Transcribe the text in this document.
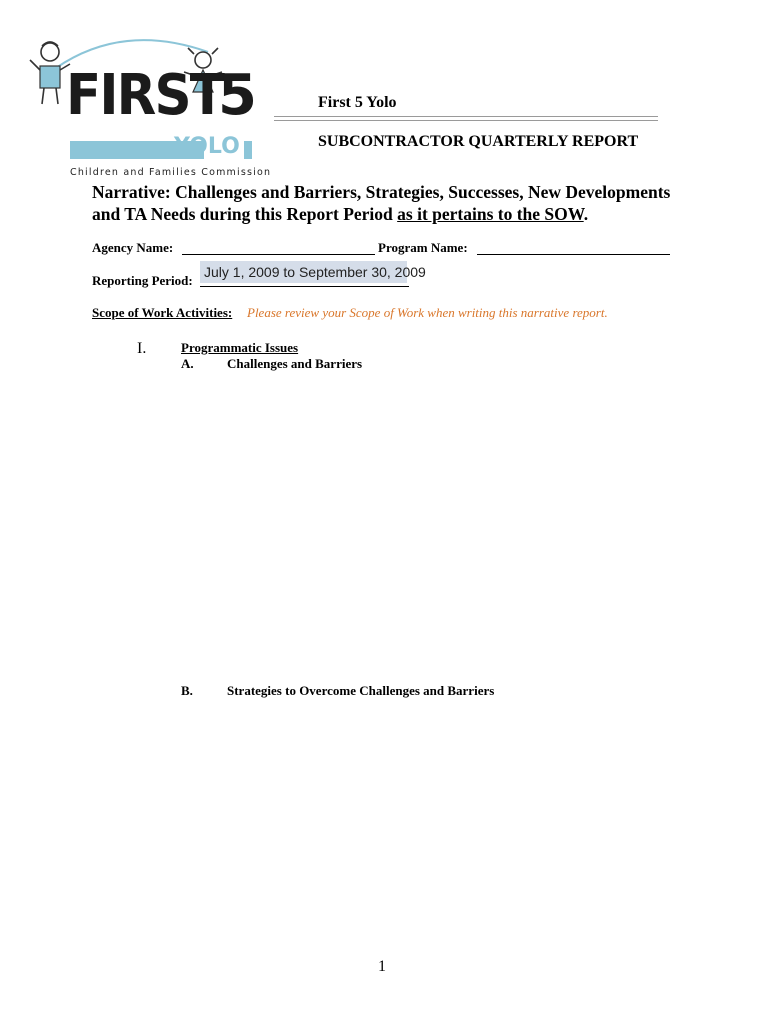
FIRST
5
YOLO
Children and Families Commission
First 5 Yolo
SUBCONTRACTOR QUARTERLY REPORT
Narrative: Challenges and Barriers, Strategies, Successes, New Developments and TA Needs during this Report Period as it pertains to the SOW.
Agency Name:	Program Name:
Reporting Period:
July 1, 2009 to September 30, 2009
Scope of Work Activities: Please review your Scope of Work when writing this narrative report.
I.	Programmatic Issues
A.	Challenges and Barriers
B.	Strategies to Overcome Challenges and Barriers
1
